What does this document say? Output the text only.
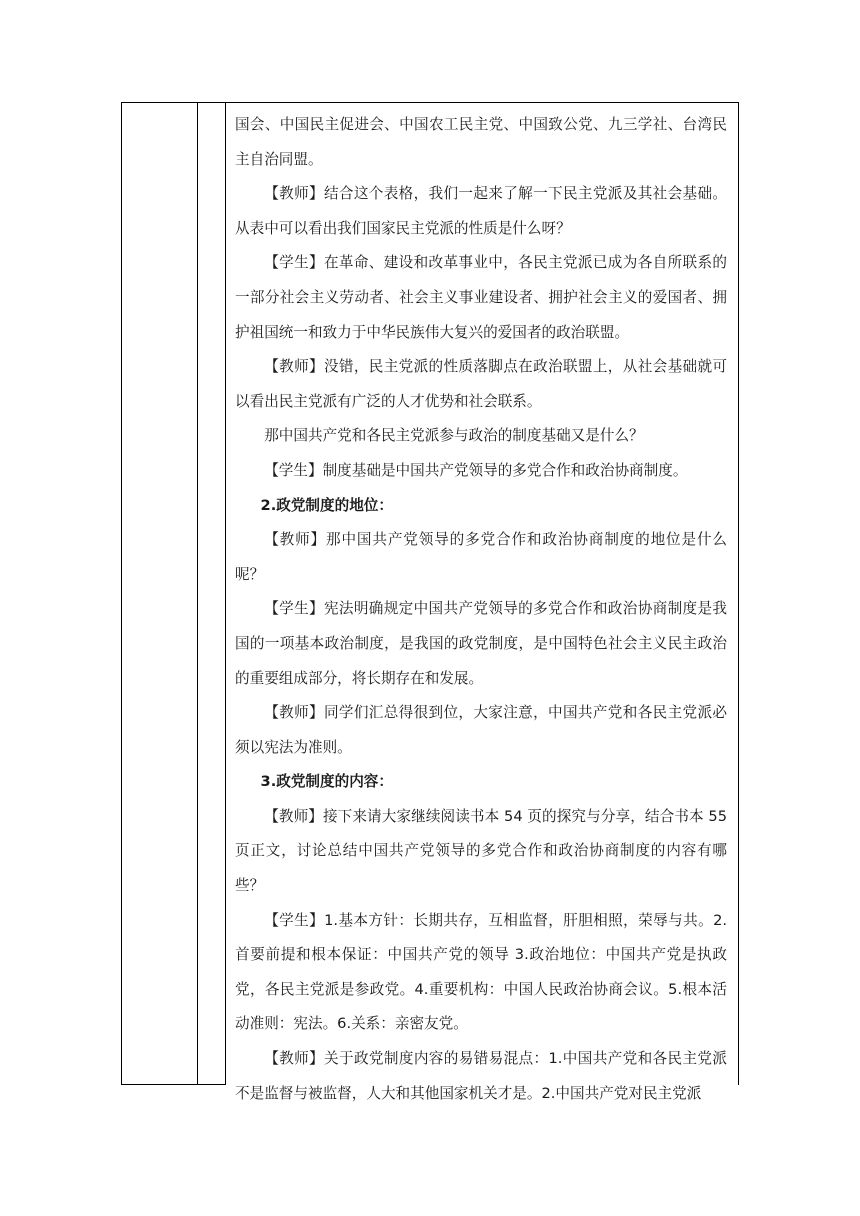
国会、中国民主促进会、中国农工民主党、中国致公党、九三学社、台湾民主自治同盟。

【教师】结合这个表格，我们一起来了解一下民主党派及其社会基础。从表中可以看出我们国家民主党派的性质是什么呀？

【学生】在革命、建设和改革事业中，各民主党派已成为各自所联系的一部分社会主义劳动者、社会主义事业建设者、拥护社会主义的爱国者、拥护祖国统一和致力于中华民族伟大复兴的爱国者的政治联盟。

【教师】没错，民主党派的性质落脚点在政治联盟上，从社会基础就可以看出民主党派有广泛的人才优势和社会联系。

那中国共产党和各民主党派参与政治的制度基础又是什么？

【学生】制度基础是中国共产党领导的多党合作和政治协商制度。

2.政党制度的地位：

【教师】那中国共产党领导的多党合作和政治协商制度的地位是什么呢？

【学生】宪法明确规定中国共产党领导的多党合作和政治协商制度是我国的一项基本政治制度，是我国的政党制度，是中国特色社会主义民主政治的重要组成部分，将长期存在和发展。

【教师】同学们汇总得很到位，大家注意，中国共产党和各民主党派必须以宪法为准则。

3.政党制度的内容：

【教师】接下来请大家继续阅读书本 54 页的探究与分享，结合书本 55 页正文，讨论总结中国共产党领导的多党合作和政治协商制度的内容有哪些？

【学生】1.基本方针：长期共存，互相监督，肝胆相照，荣辱与共。2.首要前提和根本保证：中国共产党的领导 3.政治地位：中国共产党是执政党，各民主党派是参政党。4.重要机构：中国人民政治协商会议。5.根本活动准则：宪法。6.关系：亲密友党。

【教师】关于政党制度内容的易错易混点：1.中国共产党和各民主党派不是监督与被监督，人大和其他国家机关才是。2.中国共产党对民主党派
